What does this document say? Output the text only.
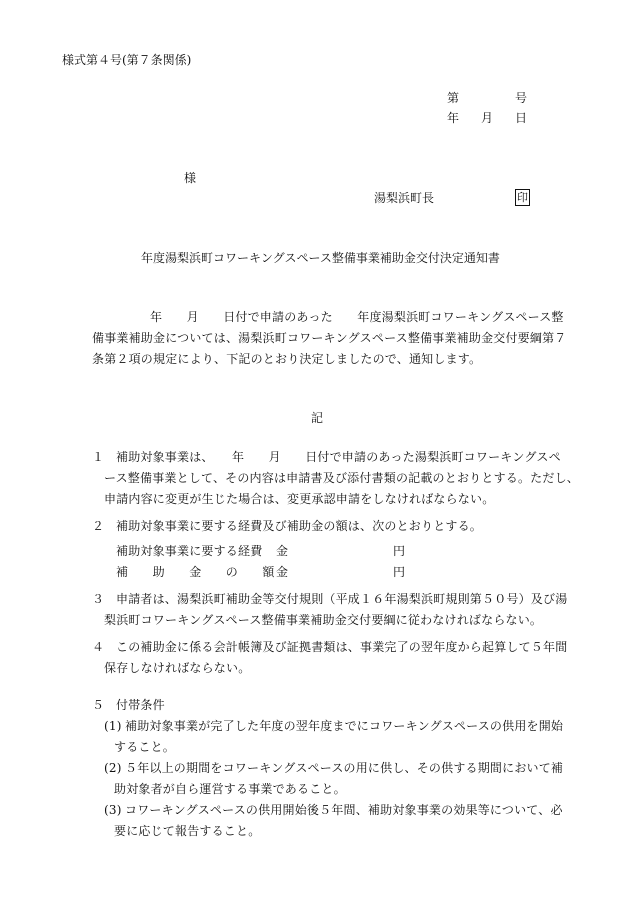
様式第４号(第７条関係)
第	号
年 月 日
様
湯梨浜町長	印
年度湯梨浜町コワーキングスペース整備事業補助金交付決定通知書
年　　月　　日付で申請のあった　　年度湯梨浜町コワーキングスペース整
備事業補助金については、湯梨浜町コワーキングスペース整備事業補助金交付要綱第７
条第２項の規定により、下記のとおり決定しましたので、通知します。
記
１ 補助対象事業は、　　年　　月　　日付で申請のあった湯梨浜町コワーキングスペ
ース整備事業として、その内容は申請書及び添付書類の記載のとおりとする。ただし、
申請内容に変更が生じた場合は、変更承認申請をしなければならない。
２ 補助対象事業に要する経費及び補助金の額は、次のとおりとする。
補助対象事業に要する経費 金	円
補　　助　　金　　の　　額 金	円
３ 申請者は、湯梨浜町補助金等交付規則（平成１６年湯梨浜町規則第５０号）及び湯
梨浜町コワーキングスペース整備事業補助金交付要綱に従わなければならない。
４ この補助金に係る会計帳簿及び証拠書類は、事業完了の翌年度から起算して５年間
保存しなければならない。
５ 付帯条件
(1) 補助対象事業が完了した年度の翌年度までにコワーキングスペースの供用を開始
すること。
(2) ５年以上の期間をコワーキングスペースの用に供し、その供する期間において補
助対象者が自ら運営する事業であること。
(3) コワーキングスペースの供用開始後５年間、補助対象事業の効果等について、必
要に応じて報告すること。
